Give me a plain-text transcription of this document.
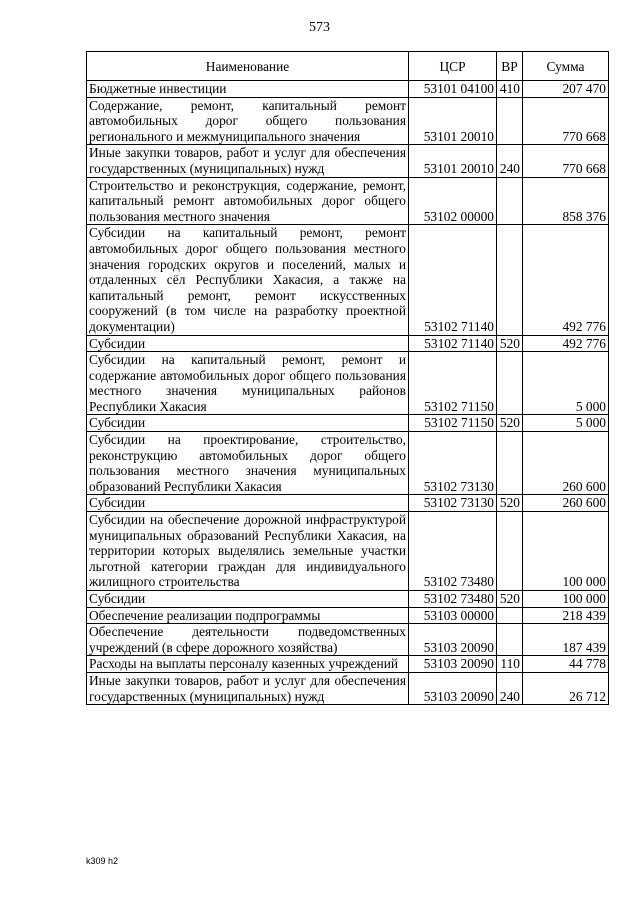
573
Наименование	ЦСР	ВР	Сумма
Бюджетные инвестиции	53101 04100	410	207 470
Содержание, ремонт, капитальный ремонт автомобильных дорог общего пользования регионального и межмуниципального значения	53101 20010		770 668
Иные закупки товаров, работ и услуг для обеспечения государственных (муниципальных) нужд	53101 20010	240	770 668
Строительство и реконструкция, содержание, ремонт, капитальный ремонт автомобильных дорог общего пользования местного значения	53102 00000		858 376
Субсидии на капитальный ремонт, ремонт автомобильных дорог общего пользования местного значения городских округов и поселений, малых и отдаленных сёл Республики Хакасия, а также на капитальный ремонт, ремонт искусственных сооружений (в том числе на разработку проектной документации)	53102 71140		492 776
Субсидии	53102 71140	520	492 776
Субсидии на капитальный ремонт, ремонт и содержание автомобильных дорог общего пользования местного значения муниципальных районов Республики Хакасия	53102 71150		5 000
Субсидии	53102 71150	520	5 000
Субсидии на проектирование, строительство, реконструкцию автомобильных дорог общего пользования местного значения муниципальных образований Республики Хакасия	53102 73130		260 600
Субсидии	53102 73130	520	260 600
Субсидии на обеспечение дорожной инфраструктурой муниципальных образований Республики Хакасия, на территории которых выделялись земельные участки льготной категории граждан для индивидуального жилищного строительства	53102 73480		100 000
Субсидии	53102 73480	520	100 000
Обеспечение реализации подпрограммы	53103 00000		218 439
Обеспечение деятельности подведомственных учреждений (в сфере дорожного хозяйства)	53103 20090		187 439
Расходы на выплаты персоналу казенных учреждений	53103 20090	110	44 778
Иные закупки товаров, работ и услуг для обеспечения государственных (муниципальных) нужд	53103 20090	240	26 712
k309 h2
